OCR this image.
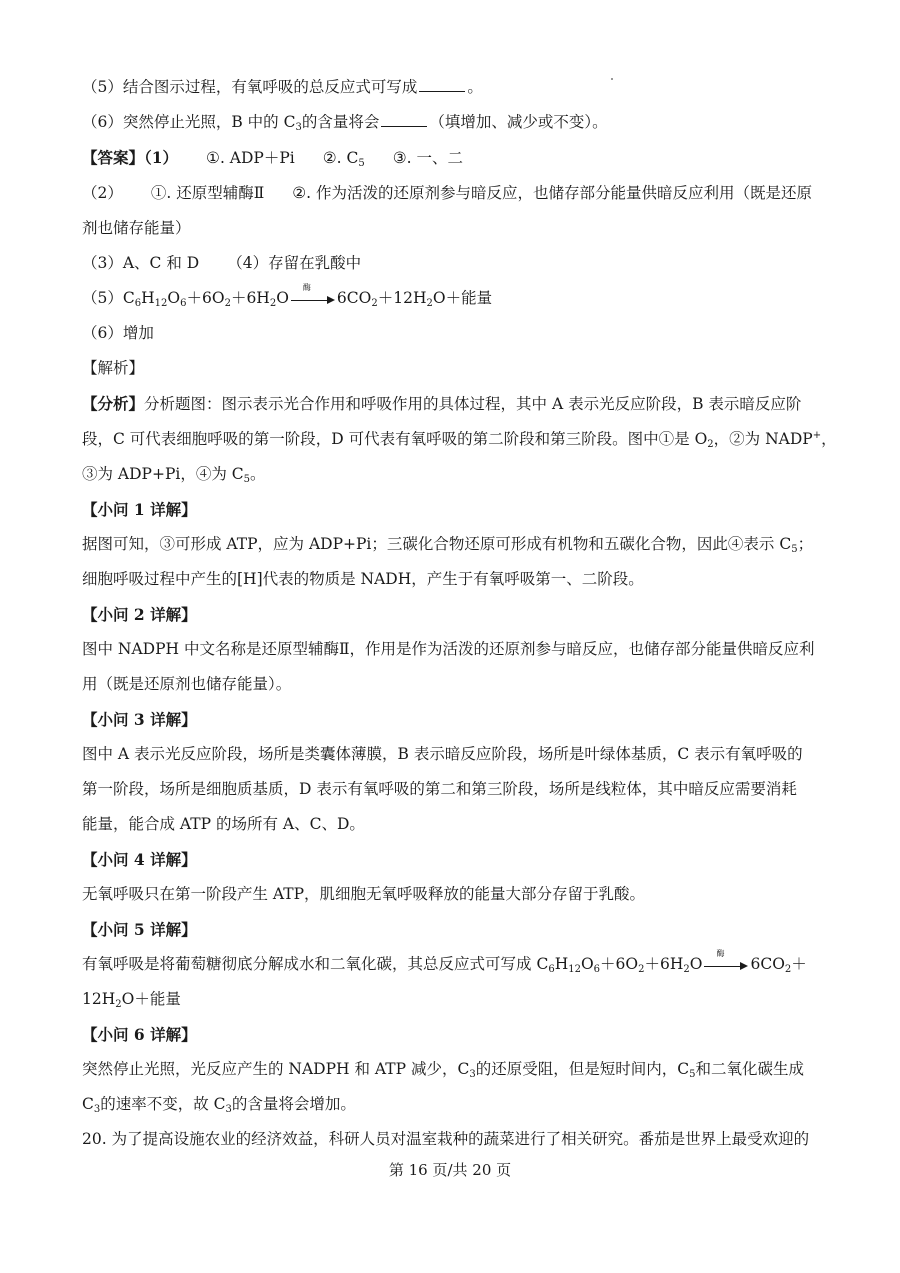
（5）结合图示过程，有氧呼吸的总反应式可写成	。

（6）突然停止光照，B 中的 $C_3$的含量将会	（填增加、减少或不变）。

【答案】（1） ①. ADP＋Pi ②. $C_5$ ③. 一、二

（2） ①. 还原型辅酶Ⅱ ②. 作为活泼的还原剂参与暗反应，也储存部分能量供暗反应利用（既是还原剂也储存能量）

（3）A、C 和 D （4）存留在乳酸中

$(5)C_6H_{12}O_6+6O_2+6H_2O$
酶
$6CO_2+12H_2O+$能量

（6）增加

【解析】

【分析】分析题图：图示表示光合作用和呼吸作用的具体过程，其中 A 表示光反应阶段，B 表示暗反应阶

段，C 可代表细胞呼吸的第一阶段，D 可代表有氧呼吸的第二阶段和第三阶段。图中①是 $O_2$，②为 NADP+，

③为 ADP+Pi，④为 $C_5$。

【小问 1 详解】

据图可知，③可形成 ATP，应为 ADP+Pi；三碳化合物还原可形成有机物和五碳化合物，因此④表示 $C_5$；

细胞呼吸过程中产生的[H]代表的物质是 NADH，产生于有氧呼吸第一、二阶段。

【小问 2 详解】

图中 NADPH 中文名称是还原型辅酶Ⅱ，作用是作为活泼的还原剂参与暗反应，也储存部分能量供暗反应利

用（既是还原剂也储存能量）。

【小问 3 详解】

图中 A 表示光反应阶段，场所是类囊体薄膜，B 表示暗反应阶段，场所是叶绿体基质，C 表示有氧呼吸的

第一阶段，场所是细胞质基质，D 表示有氧呼吸的第二和第三阶段，场所是线粒体，其中暗反应需要消耗

能量，能合成 ATP 的场所有 A、C、D。

【小问 4 详解】

无氧呼吸只在第一阶段产生 ATP，肌细胞无氧呼吸释放的能量大部分存留于乳酸。

【小问 5 详解】

有氧呼吸是将葡萄糖彻底分解成水和二氧化碳，其总反应式可写成 $C_6H_{12}O_6+6O_2+6H_2O$
酶
$6CO_2+$

$12H_2O+$能量

【小问 6 详解】

突然停止光照，光反应产生的 NADPH 和 ATP 减少，$C_3$的还原受阻，但是短时间内，$C_5$和二氧化碳生成

$C_3$的速率不变，故 $C_3$的含量将会增加。

20. 为了提高设施农业的经济效益，科研人员对温室栽种的蔬菜进行了相关研究。番茄是世界上最受欢迎的

第 16 页/共 20 页
